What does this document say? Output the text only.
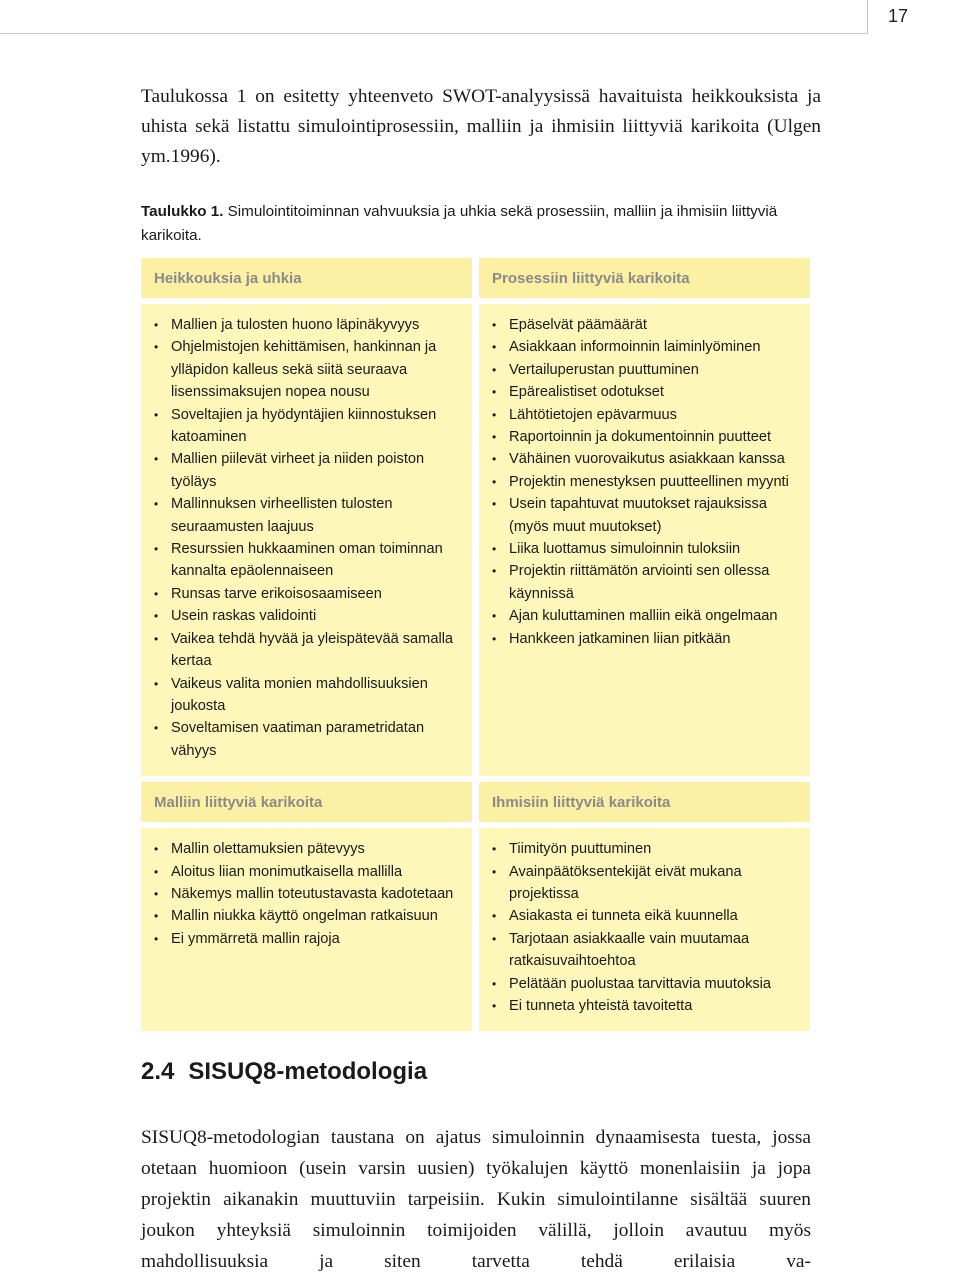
17

Taulukossa 1 on esitetty yhteenveto SWOT-analyysissä havaituista heikkouksista ja uhista sekä listattu simulointiprosessiin, malliin ja ihmisiin liittyviä karikoita (Ulgen ym.1996).

Taulukko 1. Simulointitoiminnan vahvuuksia ja uhkia sekä prosessiin, malliin ja ihmisiin liittyviä karikoita.

Heikkouksia ja uhkia	Prosessiin liittyviä karikoita
• Mallien ja tulosten huono läpinäkyvyys
• Ohjelmistojen kehittämisen, hankinnan ja ylläpidon kalleus sekä siitä seuraava lisenssimaksujen nopea nousu
• Soveltajien ja hyödyntäjien kiinnostuksen katoaminen
• Mallien piilevät virheet ja niiden poiston työläys
• Mallinnuksen virheellisten tulosten seuraamusten laajuus
• Resurssien hukkaaminen oman toiminnan kannalta epäolennaiseen
• Runsas tarve erikoisosaamiseen
• Usein raskas validointi
• Vaikea tehdä hyvää ja yleispätevää samalla kertaa
• Vaikeus valita monien mahdollisuuksien joukosta
• Soveltamisen vaatiman parametridatan vähyys
• Epäselvät päämäärät
• Asiakkaan informoinnin laiminlyöminen
• Vertailuperustan puuttuminen
• Epärealistiset odotukset
• Lähtötietojen epävarmuus
• Raportoinnin ja dokumentoinnin puutteet
• Vähäinen vuorovaikutus asiakkaan kanssa
• Projektin menestyksen puutteellinen myynti
• Usein tapahtuvat muutokset rajauksissa (myös muut muutokset)
• Liika luottamus simuloinnin tuloksiin
• Projektin riittämätön arviointi sen ollessa käynnissä
• Ajan kuluttaminen malliin eikä ongelmaan
• Hankkeen jatkaminen liian pitkään
Malliin liittyviä karikoita	Ihmisiin liittyviä karikoita
• Mallin olettamuksien pätevyys
• Aloitus liian monimutkaisella mallilla
• Näkemys mallin toteutustavasta kadotetaan
• Mallin niukka käyttö ongelman ratkaisuun
• Ei ymmärretä mallin rajoja
• Tiimityön puuttuminen
• Avainpäätöksentekijät eivät mukana projektissa
• Asiakasta ei tunneta eikä kuunnella
• Tarjotaan asiakkaalle vain muutamaa ratkaisuvaihtoehtoa
• Pelätään puolustaa tarvittavia muutoksia
• Ei tunneta yhteistä tavoitetta
2.4 SISUQ8-metodologia

SISUQ8-metodologian taustana on ajatus simuloinnin dynaamisesta tuesta, jossa otetaan huomioon (usein varsin uusien) työkalujen käyttö monenlaisiin ja jopa projektin aikanakin muuttuviin tarpeisiin. Kukin simulointilanne sisältää suuren joukon yhteyksiä simuloinnin toimijoiden välillä, jolloin avautuu myös mahdollisuuksia ja siten tarvetta tehdä erilaisia va-
